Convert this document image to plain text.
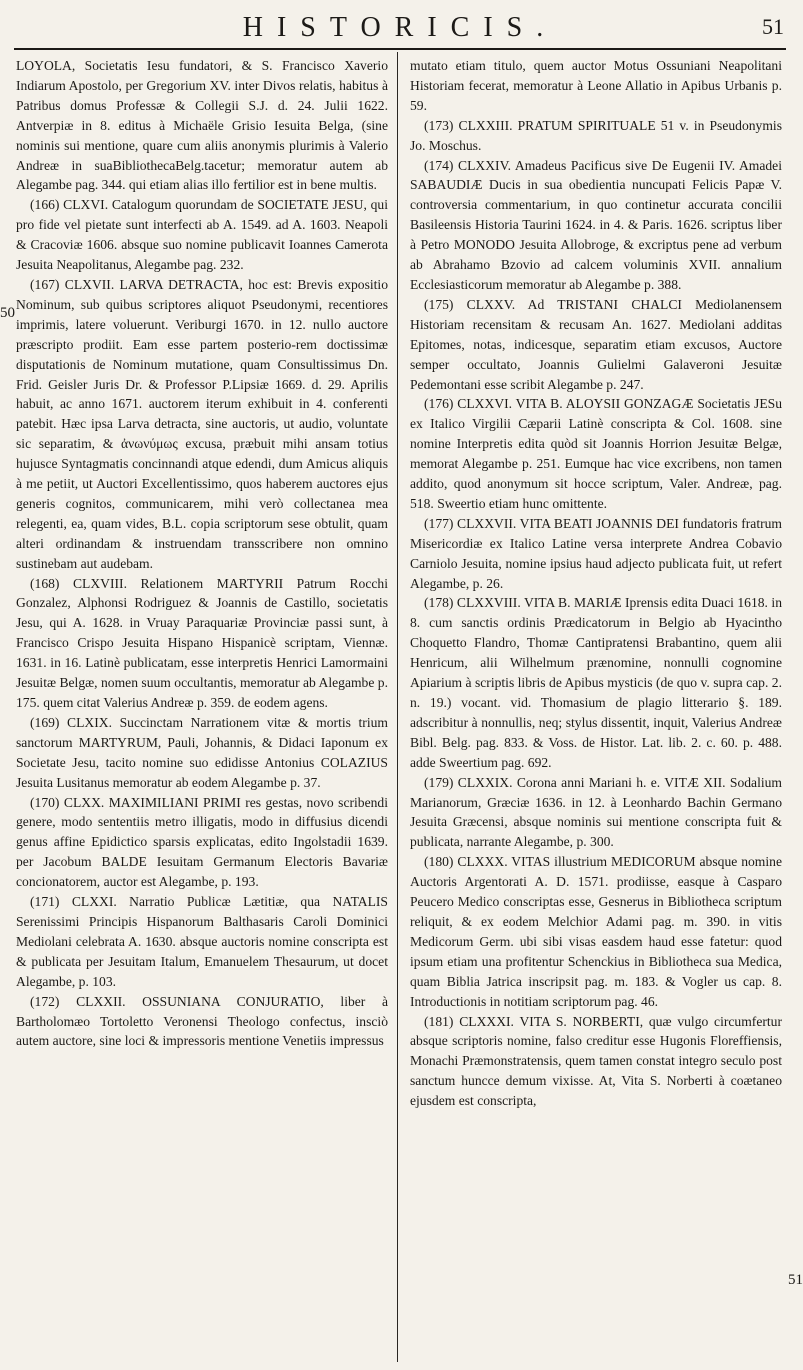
HISTORICIS.	51
50
51

LOYOLA, Societatis Iesu fundatori, & S. Francisco Xaverio Indiarum Apostolo, per Gregorium XV. inter Divos relatis, habitus à Patribus domus Professæ & Collegii S.J. d. 24. Julii 1622. Antverpiæ in 8. editus à Michaële Grisio Iesuita Belga, (sine nominis sui mentione, quare cum aliis anonymis plurimis à Valerio Andreæ in suaBibliothecaBelg.tacetur; memoratur autem ab Alegambe pag. 344. qui etiam alias illo fertilior est in bene multis.

(166) CLXVI. Catalogum quorundam de SOCIETATE JESU, qui pro fide vel pietate sunt interfecti ab A. 1549. ad A. 1603. Neapoli & Cracoviæ 1606. absque suo nomine publicavit Ioannes Camerota Jesuita Neapolitanus, Alegambe pag. 232.

(167) CLXVII. LARVA DETRACTA, hoc est: Brevis expositio Nominum, sub quibus scriptores aliquot Pseudonymi, recentiores imprimis, latere voluerunt. Veriburgi 1670. in 12. nullo auctore præscripto prodiit. Eam esse partem posterio-rem doctissimæ disputationis de Nominum mutatione, quam Consultissimus Dn. Frid. Geisler Juris Dr. & Professor P.Lipsiæ 1669. d. 29. Aprilis habuit, ac anno 1671. auctorem iterum exhibuit in 4. conferenti patebit. Hæc ipsa Larva detracta, sine auctoris, ut audio, voluntate sic separatim, & ἀνωνύμως excusa, præbuit mihi ansam totius hujusce Syntagmatis concinnandi atque edendi, dum Amicus aliquis à me petiit, ut Auctori Excellentissimo, quos haberem auctores ejus generis cognitos, communicarem, mihi verò collectanea mea relegenti, ea, quam vides, B.L. copia scriptorum sese obtulit, quam alteri ordinandam & instruendam transscribere non omnino sustinebam aut audebam.

(168) CLXVIII. Relationem MARTYRII Patrum Rocchi Gonzalez, Alphonsi Rodriguez & Joannis de Castillo, societatis Jesu, qui A. 1628. in Vruay Paraquariæ Provinciæ passi sunt, à Francisco Crispo Jesuita Hispano Hispanicè scriptam, Viennæ. 1631. in 16. Latinè publicatam, esse interpretis Henrici Lamormaini Jesuitæ Belgæ, nomen suum occultantis, memoratur ab Alegambe p. 175. quem citat Valerius Andreæ p. 359. de eodem agens.

(169) CLXIX. Succinctam Narrationem vitæ & mortis trium sanctorum MARTYRUM, Pauli, Johannis, & Didaci Iaponum ex Societate Jesu, tacito nomine suo edidisse Antonius COLAZIUS Jesuita Lusitanus memoratur ab eodem Alegambe p. 37.

(170) CLXX. MAXIMILIANI PRIMI res gestas, novo scribendi genere, modo sententiis metro illigatis, modo in diffusius dicendi genus affine Epidictico sparsis explicatas, edito Ingolstadii 1639. per Jacobum BALDE Iesuitam Germanum Electoris Bavariæ concionatorem, auctor est Alegambe, p. 193.

(171) CLXXI. Narratio Publicæ Lætitiæ, qua NATALIS Serenissimi Principis Hispanorum Balthasaris Caroli Dominici Mediolani celebrata A. 1630. absque auctoris nomine conscripta est & publicata per Jesuitam Italum, Emanuelem Thesaurum, ut docet Alegambe, p. 103.

(172) CLXXII. OSSUNIANA CONJURATIO, liber à Bartholomæo Tortoletto Veronensi Theologo confectus, insciò autem auctore, sine loci & impressoris mentione Venetiis impressus

mutato etiam titulo, quem auctor Motus Ossuniani Neapolitani Historiam fecerat, memoratur à Leone Allatio in Apibus Urbanis p. 59.

(173) CLXXIII. PRATUM SPIRITUALE 51 v. in Pseudonymis Jo. Moschus.

(174) CLXXIV. Amadeus Pacificus sive De Eugenii IV. Amadei SABAUDIÆ Ducis in sua obedientia nuncupati Felicis Papæ V. controversia commentarium, in quo continetur accurata concilii Basileensis Historia Taurini 1624. in 4. & Paris. 1626. scriptus liber à Petro MONODO Jesuita Allobroge, & excriptus pene ad verbum ab Abrahamo Bzovio ad calcem voluminis XVII. annalium Ecclesiasticorum memoratur ab Alegambe p. 388.

(175) CLXXV. Ad TRISTANI CHALCI Mediolanensem Historiam recensitam & recusam An. 1627. Mediolani additas Epitomes, notas, indicesque, separatim etiam excusos, Auctore semper occultato, Joannis Gulielmi Galaveroni Jesuitæ Pedemontani esse scribit Alegambe p. 247.

(176) CLXXVI. VITA B. ALOYSII GONZAGÆ Societatis JESu ex Italico Virgilii Cæparii Latinè conscripta & Col. 1608. sine nomine Interpretis edita quòd sit Joannis Horrion Jesuitæ Belgæ, memorat Alegambe p. 251. Eumque hac vice excribens, non tamen addito, quod anonymum sit hocce scriptum, Valer. Andreæ, pag. 518. Sweertio etiam hunc omittente.

(177) CLXXVII. VITA BEATI JOANNIS DEI fundatoris fratrum Misericordiæ ex Italico Latine versa interprete Andrea Cobavio Carniolo Jesuita, nomine ipsius haud adjecto publicata fuit, ut refert Alegambe, p. 26.

(178) CLXXVIII. VITA B. MARIÆ Iprensis edita Duaci 1618. in 8. cum sanctis ordinis Prædicatorum in Belgio ab Hyacintho Choquetto Flandro, Thomæ Cantipratensi Brabantino, quem alii Henricum, alii Wilhelmum prænomine, nonnulli cognomine Apiarium à scriptis libris de Apibus mysticis (de quo v. supra cap. 2. n. 19.) vocant. vid. Thomasium de plagio litterario §. 189. adscribitur à nonnullis, neq; stylus dissentit, inquit, Valerius Andreæ Bibl. Belg. pag. 833. & Voss. de Histor. Lat. lib. 2. c. 60. p. 488. adde Sweertium pag. 692.

(179) CLXXIX. Corona anni Mariani h. e. VITÆ XII. Sodalium Marianorum, Græciæ 1636. in 12. à Leonhardo Bachin Germano Jesuita Græcensi, absque nominis sui mentione conscripta fuit & publicata, narrante Alegambe, p. 300.

(180) CLXXX. VITAS illustrium MEDICORUM absque nomine Auctoris Argentorati A. D. 1571. prodiisse, easque à Casparo Peucero Medico conscriptas esse, Gesnerus in Bibliotheca scriptum reliquit, & ex eodem Melchior Adami pag. m. 390. in vitis Medicorum Germ. ubi sibi visas easdem haud esse fatetur: quod ipsum etiam una profitentur Schenckius in Bibliotheca sua Medica, quam Biblia Jatrica inscripsit pag. m. 183. & Vogler us cap. 8. Introductionis in notitiam scriptorum pag. 46.

(181) CLXXXI. VITA S. NORBERTI, quæ vulgo circumfertur absque scriptoris nomine, falso creditur esse Hugonis Floreffiensis, Monachi Præmonstratensis, quem tamen constat integro seculo post sanctum huncce demum vixisse. At, Vita S. Norberti à coætaneo ejusdem est conscripta,
